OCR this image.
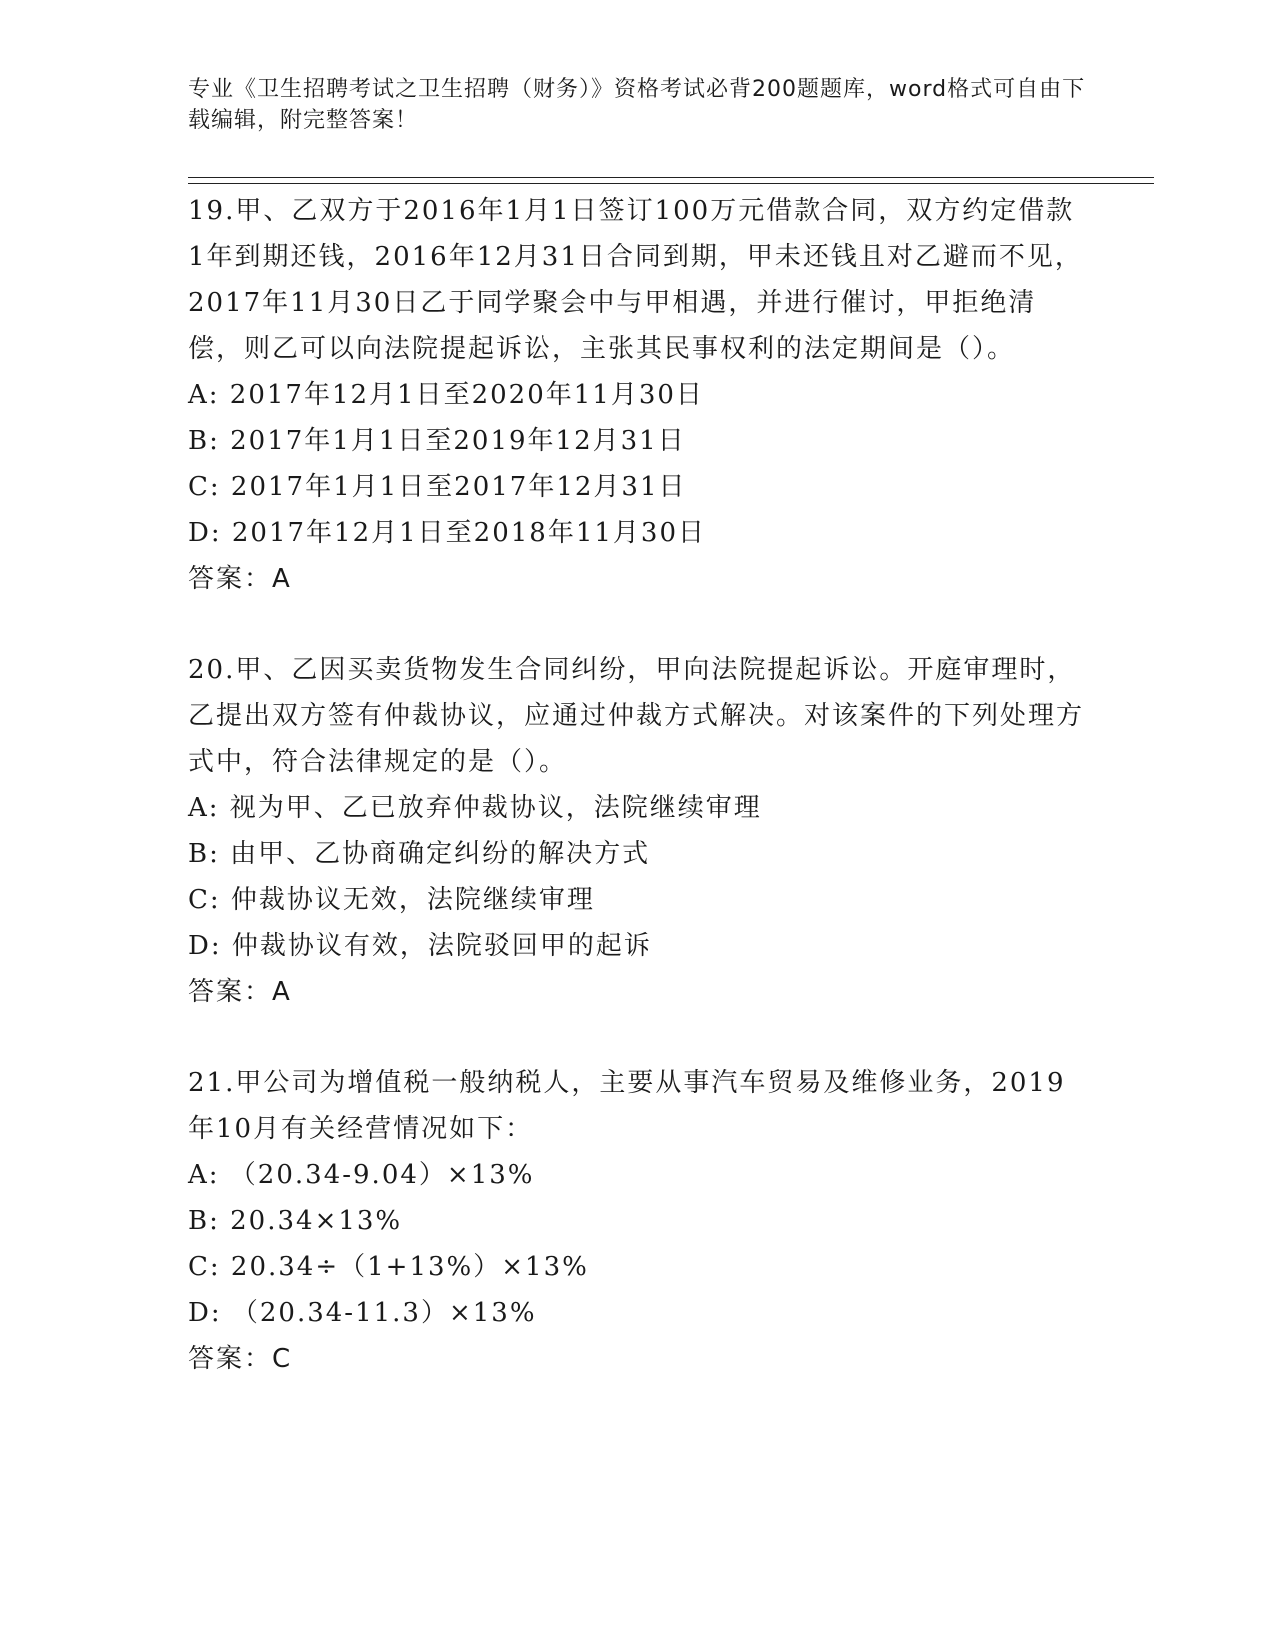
专业《卫生招聘考试之卫生招聘（财务）》资格考试必背200题题库，word格式可自由下载编辑，附完整答案！

19.甲、乙双方于2016年1月1日签订100万元借款合同，双方约定借款1年到期还钱，2016年12月31日合同到期，甲未还钱且对乙避而不见，2017年11月30日乙于同学聚会中与甲相遇，并进行催讨，甲拒绝清偿，则乙可以向法院提起诉讼，主张其民事权利的法定期间是（）。

A: 2017年12月1日至2020年11月30日

B: 2017年1月1日至2019年12月31日

C: 2017年1月1日至2017年12月31日

D: 2017年12月1日至2018年11月30日

答案：A

20.甲、乙因买卖货物发生合同纠纷，甲向法院提起诉讼。开庭审理时，乙提出双方签有仲裁协议，应通过仲裁方式解决。对该案件的下列处理方式中，符合法律规定的是（）。

A: 视为甲、乙已放弃仲裁协议，法院继续审理

B: 由甲、乙协商确定纠纷的解决方式

C: 仲裁协议无效，法院继续审理

D: 仲裁协议有效，法院驳回甲的起诉

答案：A

21.甲公司为增值税一般纳税人，主要从事汽车贸易及维修业务，2019年10月有关经营情况如下：

A: （20.34-9.04）×13%

B: 20.34×13%

C: 20.34÷（1+13%）×13%

D: （20.34-11.3）×13%

答案：C
